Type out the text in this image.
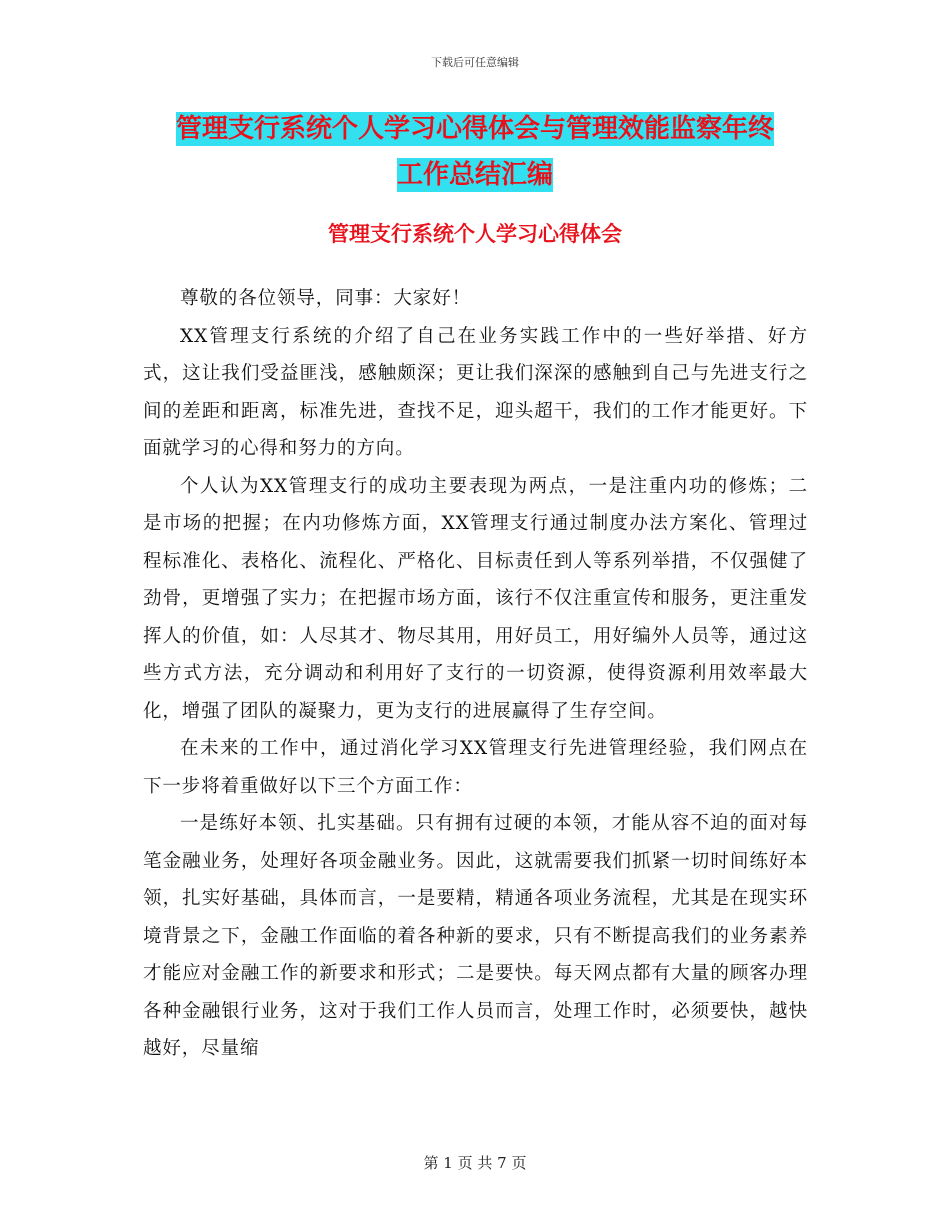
下载后可任意编辑
管理支行系统个人学习心得体会与管理效能监察年终
工作总结汇编
管理支行系统个人学习心得体会

尊敬的各位领导，同事：大家好！

XX管理支行系统的介绍了自己在业务实践工作中的一些好举措、好方式，这让我们受益匪浅，感触颇深；更让我们深深的感触到自己与先进支行之间的差距和距离，标准先进，查找不足，迎头超干，我们的工作才能更好。下面就学习的心得和努力的方向。

个人认为XX管理支行的成功主要表现为两点，一是注重内功的修炼；二是市场的把握；在内功修炼方面，XX管理支行通过制度办法方案化、管理过程标准化、表格化、流程化、严格化、目标责任到人等系列举措，不仅强健了劲骨，更增强了实力；在把握市场方面，该行不仅注重宣传和服务，更注重发挥人的价值，如：人尽其才、物尽其用，用好员工，用好编外人员等，通过这些方式方法，充分调动和利用好了支行的一切资源，使得资源利用效率最大化，增强了团队的凝聚力，更为支行的进展赢得了生存空间。

在未来的工作中，通过消化学习XX管理支行先进管理经验，我们网点在下一步将着重做好以下三个方面工作：

一是练好本领、扎实基础。只有拥有过硬的本领，才能从容不迫的面对每笔金融业务，处理好各项金融业务。因此，这就需要我们抓紧一切时间练好本领，扎实好基础，具体而言，一是要精，精通各项业务流程，尤其是在现实环境背景之下，金融工作面临的着各种新的要求，只有不断提高我们的业务素养才能应对金融工作的新要求和形式；二是要快。每天网点都有大量的顾客办理各种金融银行业务，这对于我们工作人员而言，处理工作时，必须要快，越快越好，尽量缩

第 1 页 共 7 页
